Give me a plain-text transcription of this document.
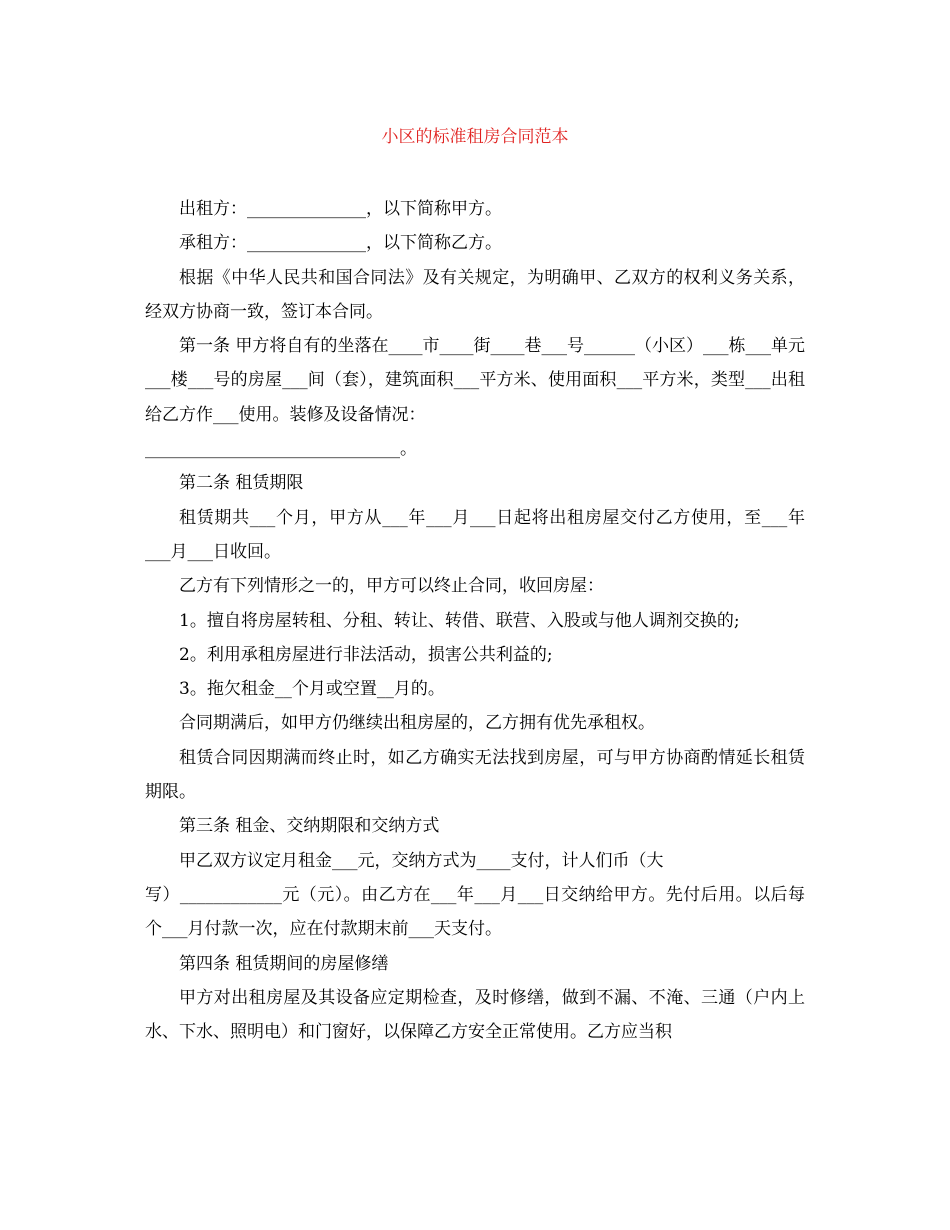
小区的标准租房合同范本

出租方：______________，以下简称甲方。

承租方：______________，以下简称乙方。

根据《中华人民共和国合同法》及有关规定，为明确甲、乙双方的权利义务关系，经双方协商一致，签订本合同。

第一条 甲方将自有的坐落在____市____街____巷___号______（小区）___栋___单元___楼___号的房屋___间（套），建筑面积___平方米、使用面积___平方米，类型___出租给乙方作___使用。装修及设备情况：

______________________________。

第二条 租赁期限

租赁期共___个月，甲方从___年___月___日起将出租房屋交付乙方使用，至___年___月___日收回。

乙方有下列情形之一的，甲方可以终止合同，收回房屋：

1。擅自将房屋转租、分租、转让、转借、联营、入股或与他人调剂交换的;

2。利用承租房屋进行非法活动，损害公共利益的;

3。拖欠租金__个月或空置__月的。

合同期满后，如甲方仍继续出租房屋的，乙方拥有优先承租权。

租赁合同因期满而终止时，如乙方确实无法找到房屋，可与甲方协商酌情延长租赁期限。

第三条 租金、交纳期限和交纳方式

甲乙双方议定月租金___元，交纳方式为____支付，计人们币（大

写）____________元（元）。由乙方在___年___月___日交纳给甲方。先付后用。以后每个___月付款一次，应在付款期末前___天支付。

第四条 租赁期间的房屋修缮

甲方对出租房屋及其设备应定期检查，及时修缮，做到不漏、不淹、三通（户内上水、下水、照明电）和门窗好，以保障乙方安全正常使用。乙方应当积
